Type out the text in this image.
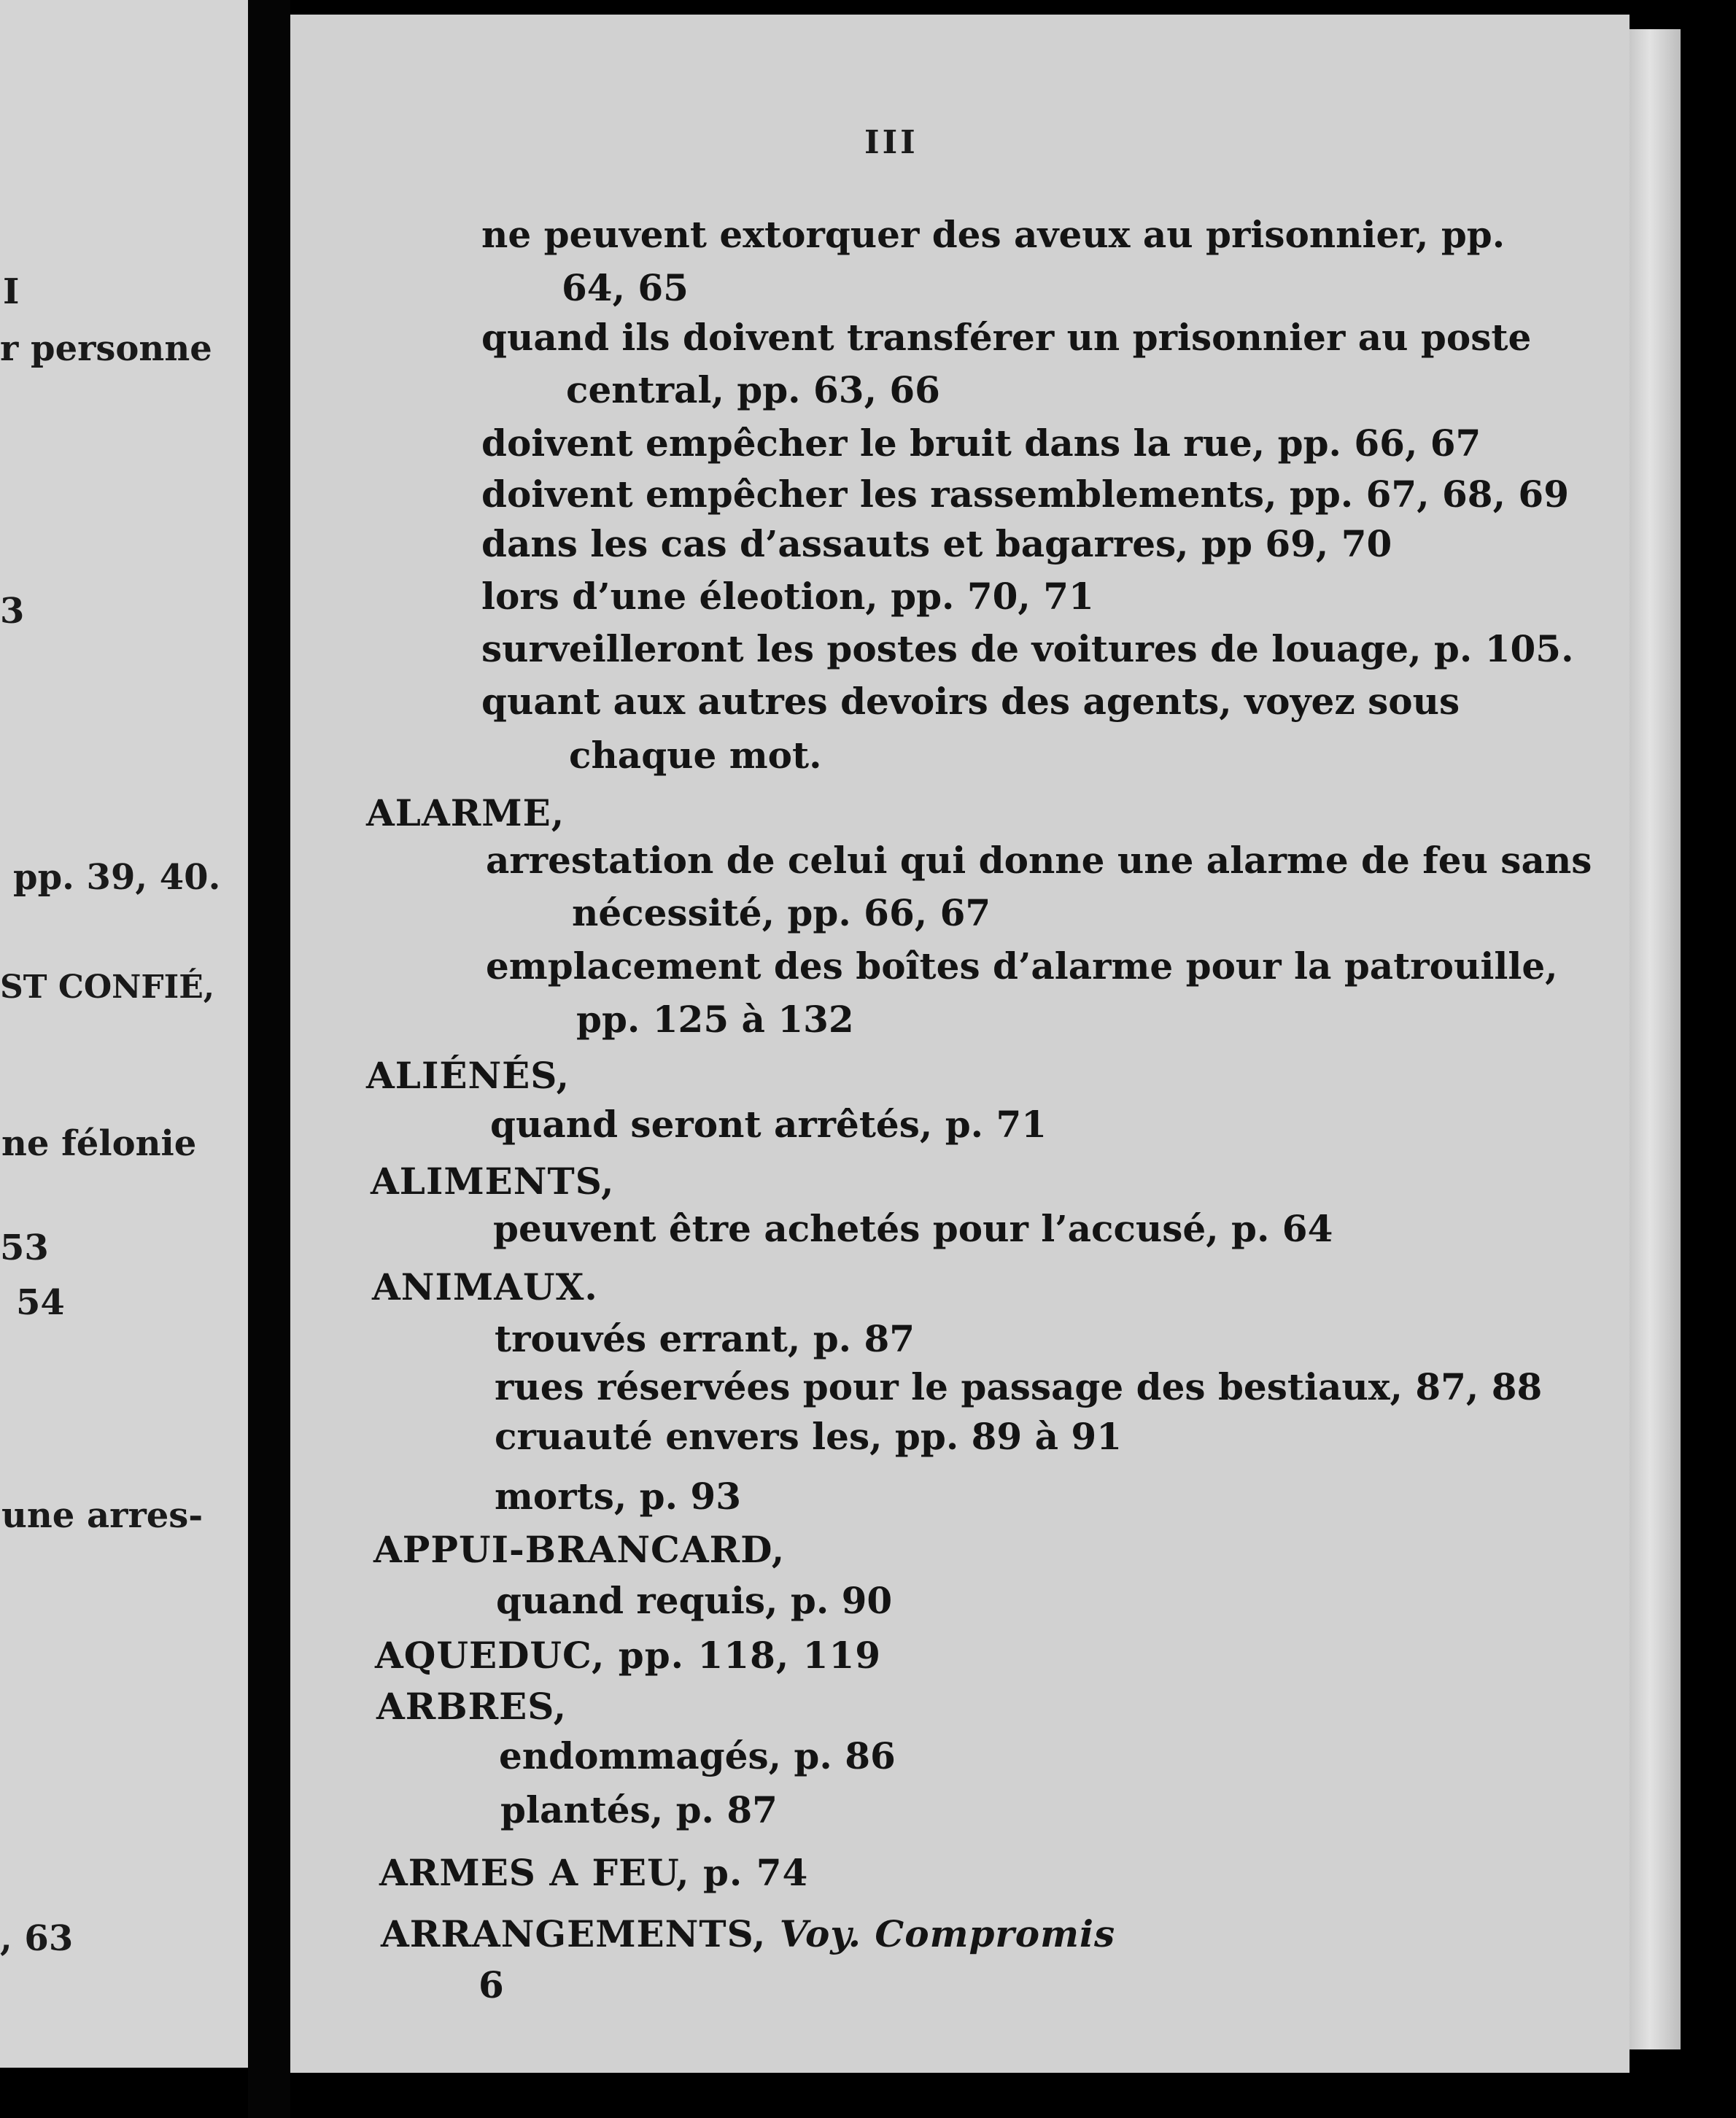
I
r personne
3
pp. 39, 40.
ST CONFIÉ,
ne félonie
53
54
une arres-
, 63
III
ne peuvent extorquer des aveux au prisonnier, pp.
64, 65
quand ils doivent transférer un prisonnier au poste
central, pp. 63, 66
doivent empêcher le bruit dans la rue, pp. 66, 67
doivent empêcher les rassemblements, pp. 67, 68, 69
dans les cas d’assauts et bagarres, pp 69, 70
lors d’une éleotion, pp. 70, 71
surveilleront les postes de voitures de louage, p. 105.
quant aux autres devoirs des agents, voyez sous
chaque mot.
ALARME,
arrestation de celui qui donne une alarme de feu sans
nécessité, pp. 66, 67
emplacement des boîtes d’alarme pour la patrouille,
pp. 125 à 132
ALIÉNÉS,
quand seront arrêtés, p. 71
ALIMENTS,
peuvent être achetés pour l’accusé, p. 64
ANIMAUX.
trouvés errant, p. 87
rues réservées pour le passage des bestiaux, 87, 88
cruauté envers les, pp. 89 à 91
morts, p. 93
APPUI-BRANCARD,
quand requis, p. 90
AQUEDUC, pp. 118, 119
ARBRES,
endommagés, p. 86
plantés, p. 87
ARMES A FEU, p. 74
ARRANGEMENTS, Voy. Compromis
6
